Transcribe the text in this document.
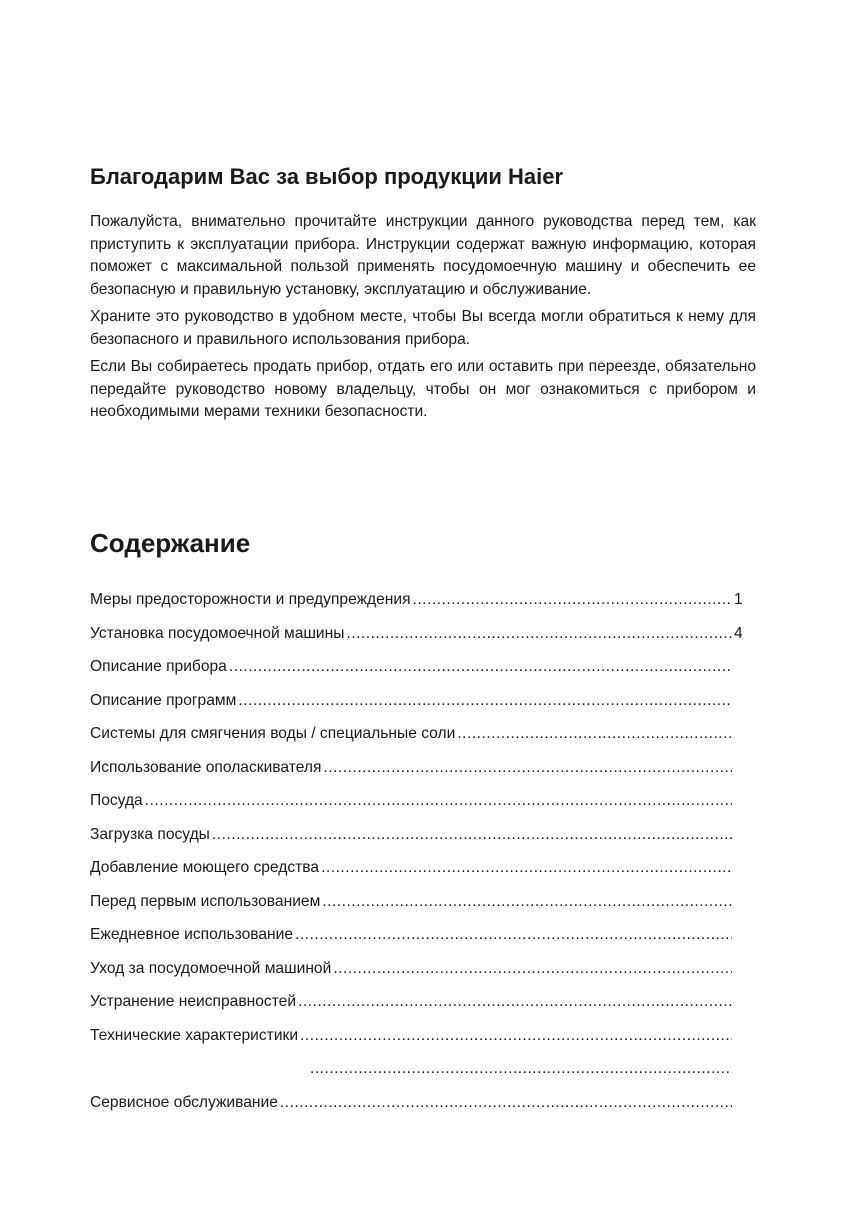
Благодарим Вас за выбор продукции Haier

Пожалуйста, внимательно прочитайте инструкции данного руководства перед тем, как приступить к эксплуатации прибора. Инструкции содержат важную информацию, которая поможет с максимальной пользой применять посудомоечную машину и обеспечить ее безопасную и правильную установку, эксплуатацию и обслуживание.

Храните это руководство в удобном месте, чтобы Вы всегда могли обратиться к нему для безопасного и правильного использования прибора.

Если Вы собираетесь продать прибор, отдать его или оставить при переезде, обязательно передайте руководство новому владельцу, чтобы он мог ознакомиться с прибором и необходимыми мерами техники безопасности.

Содержание
Меры предосторожности и предупреждения .....	1
Установка посудомоечной машины .....	4
Описание прибора
.....
Описание программ
.....
Системы для смягчения воды / специальные соли
.....
Использование ополаскивателя
.....
Посуда
.....
Загрузка посуды
.....
Добавление моющего средства
.....
Перед первым использованием
.....
Ежедневное использование
.....
Уход за посудомоечной машиной
.....
Устранение неисправностей
.....
Технические характеристики
.....
.....
Сервисное обслуживание
.....
